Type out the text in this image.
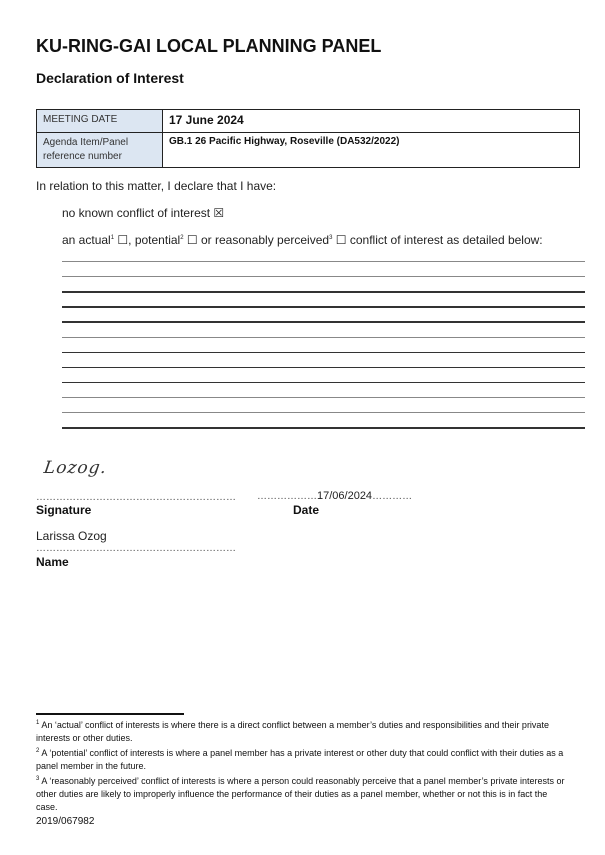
KU-RING-GAI LOCAL PLANNING PANEL
Declaration of Interest
MEETING DATE	17 June 2024
Agenda Item/Panel reference number	GB.1 26 Pacific Highway, Roseville (DA532/2022)
In relation to this matter, I declare that I have:
no known conflict of interest ☒
an actual$^1$ ☐, potential$^2$ ☐ or reasonably perceived$^3$ ☐ conflict of interest as detailed below:
Lozog.
……………………………………………………
Signature
………………17/06/2024…………
Date
Larissa Ozog
……………………………………………………
Name
$^1$ An ‘actual’ conflict of interests is where there is a direct conflict between a member’s duties and responsibilities and their private interests or other duties.
$^2$ A ‘potential’ conflict of interests is where a panel member has a private interest or other duty that could conflict with their duties as a panel member in the future.
$^3$ A ‘reasonably perceived’ conflict of interests is where a person could reasonably perceive that a panel member’s private interests or other duties are likely to improperly influence the performance of their duties as a panel member, whether or not this is in fact the case.
2019/067982
